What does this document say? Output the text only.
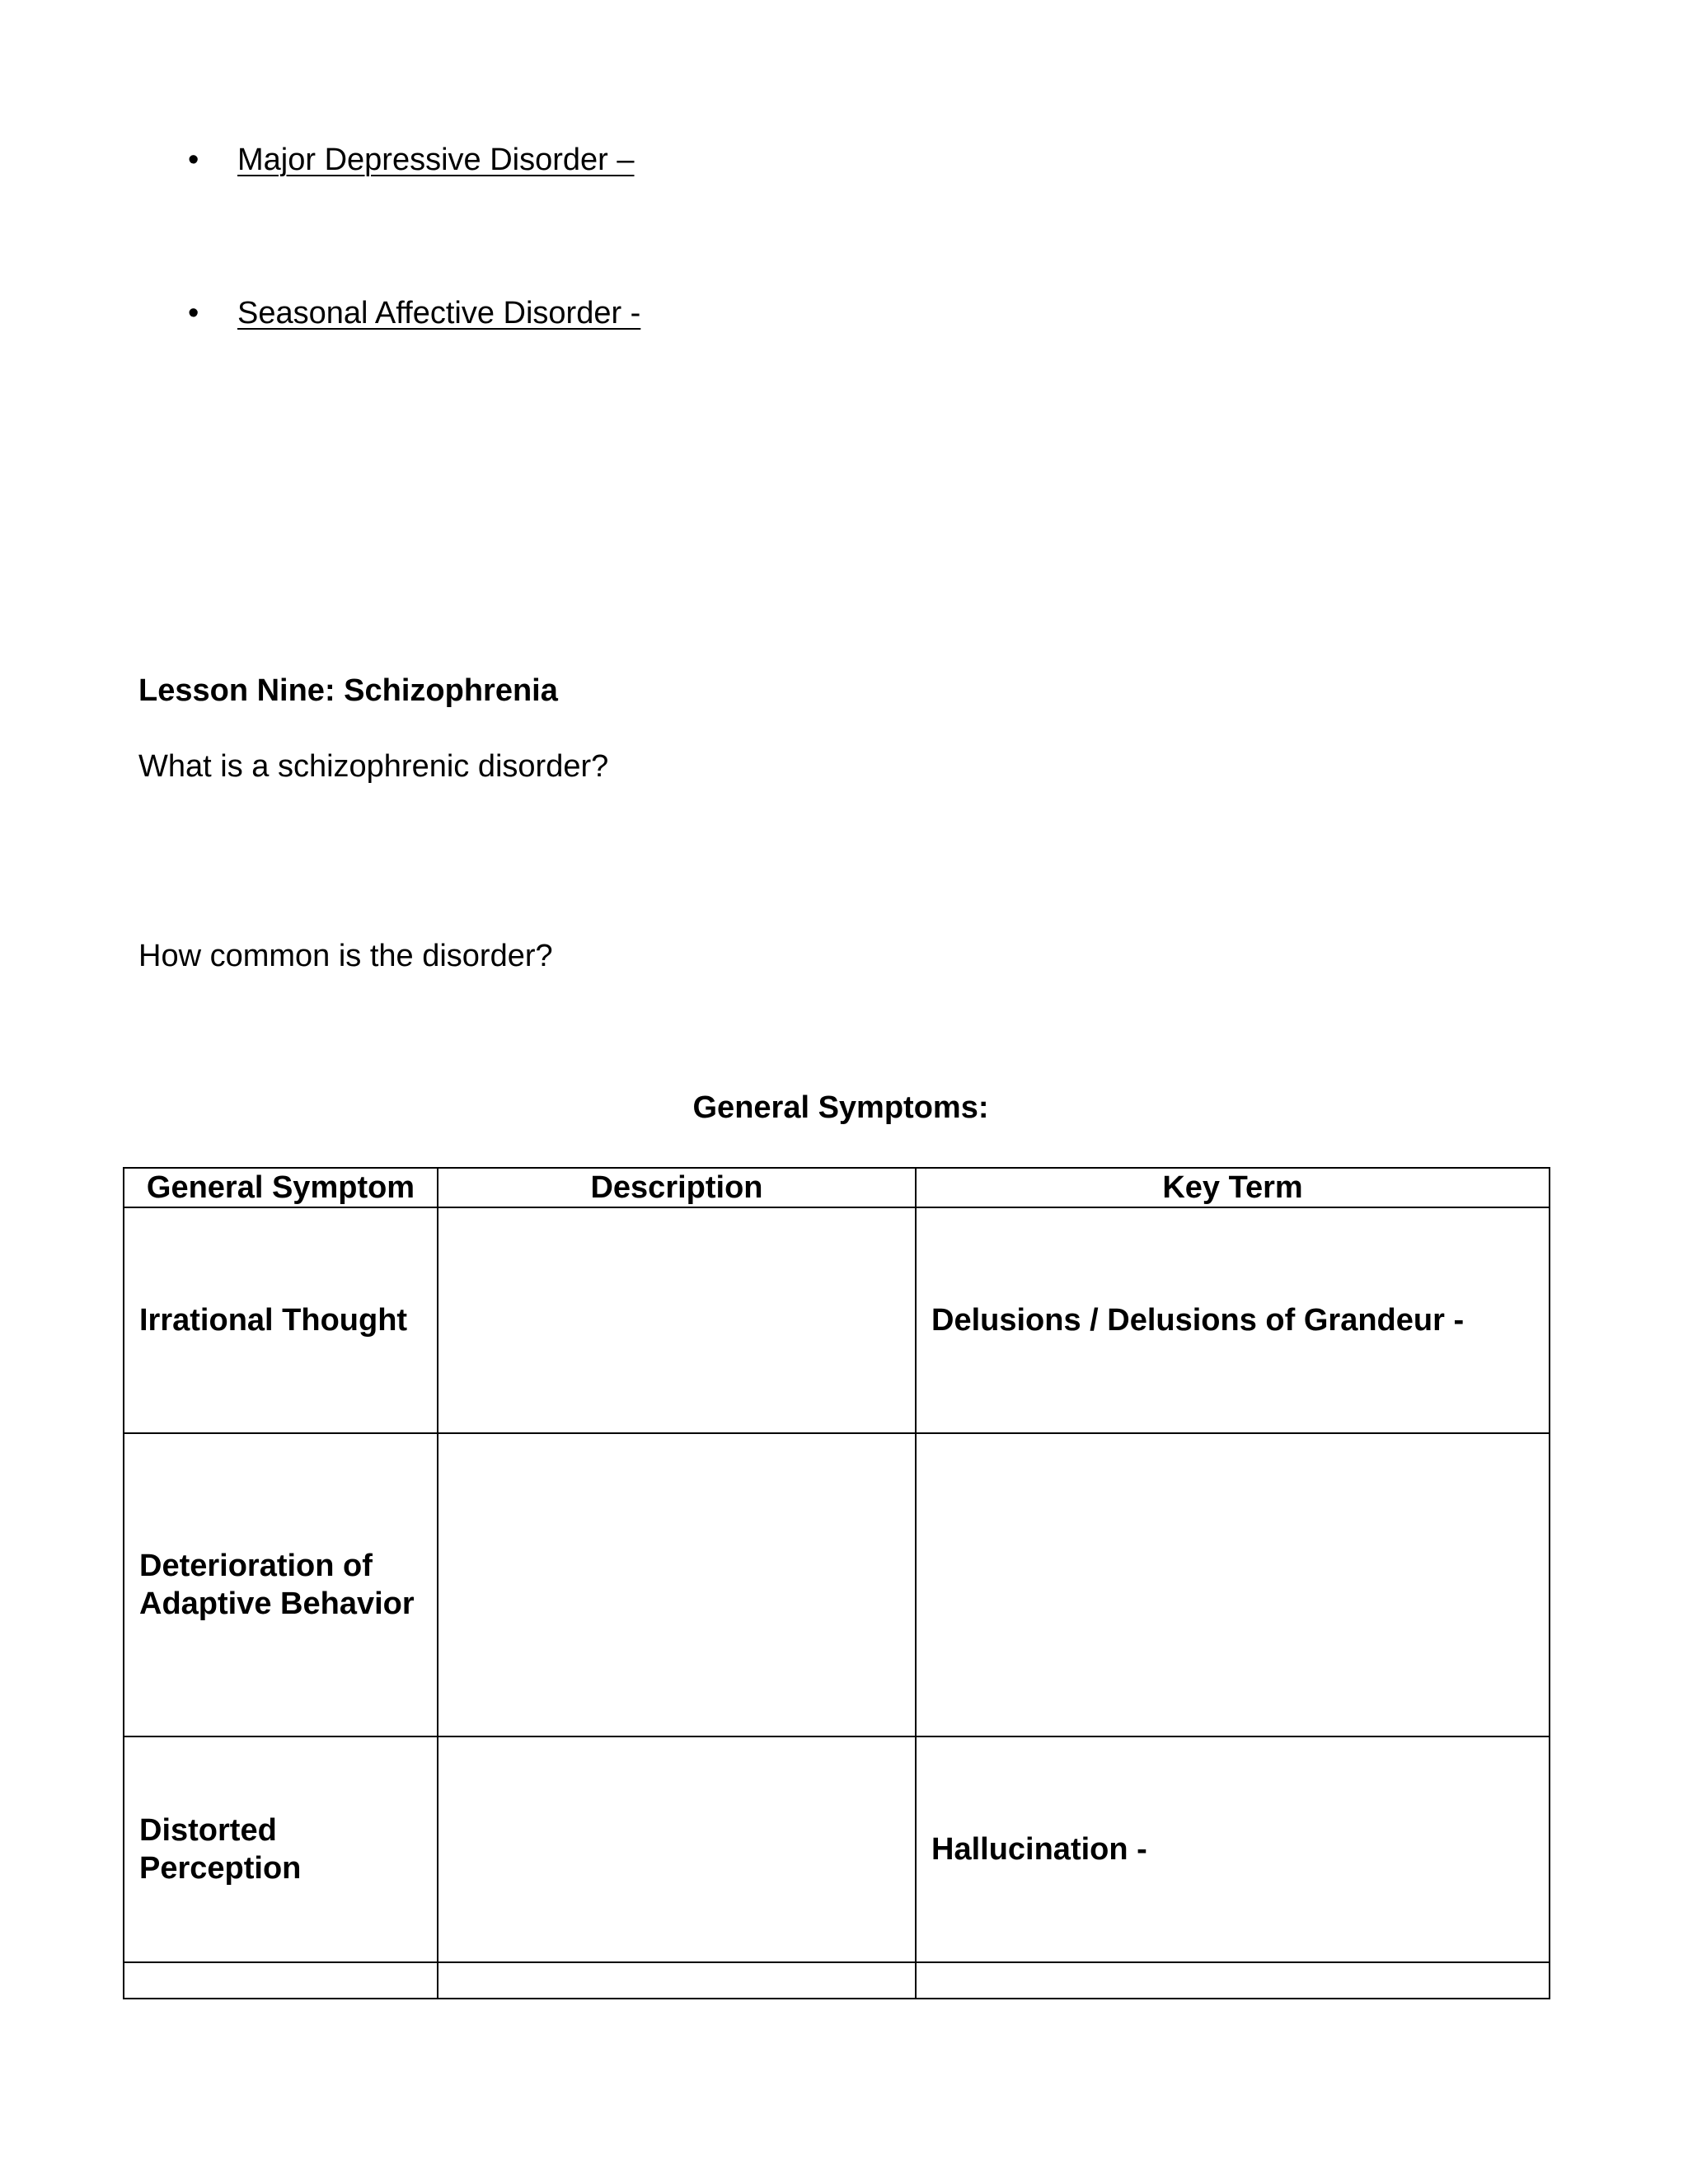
• Major Depressive Disorder –
• Seasonal Affective Disorder -
Lesson Nine: Schizophrenia
What is a schizophrenic disorder?
How common is the disorder?
General Symptoms:
General Symptom	Description	Key Term

Irrational Thought		Delusions / Delusions of Grandeur -

Deterioration of Adaptive Behavior		

Distorted Perception		Hallucination -
